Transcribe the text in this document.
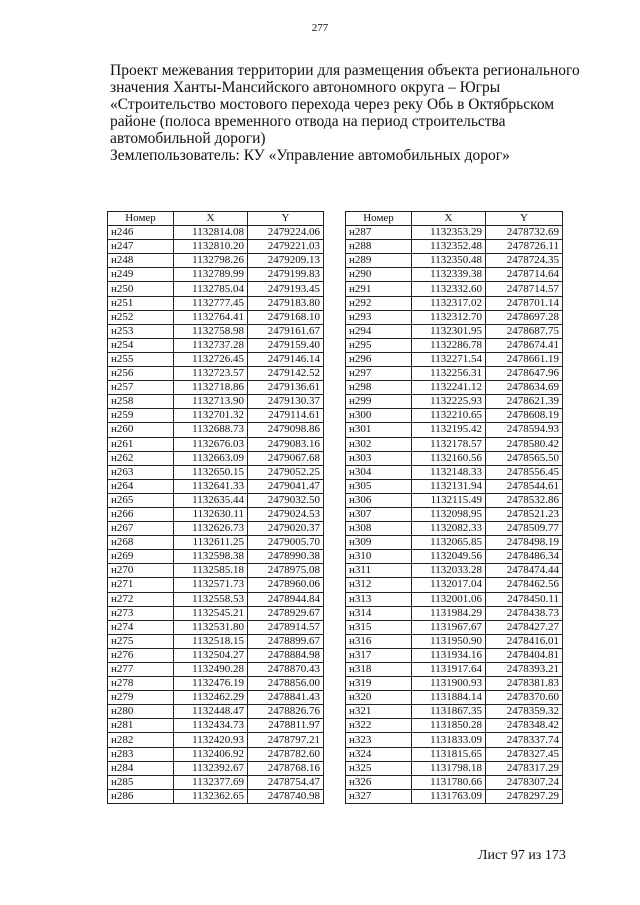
277

Проект межевания территории для размещения объекта регионального
значения Ханты-Мансийского автономного округа – Югры
«Строительство мостового перехода через реку Обь в Октябрьском
районе (полоса временного отвода на период строительства
автомобильной дороги)

Землепользователь: КУ «Управление автомобильных дорог»

Номер	X	Y
н246	1132814.08	2479224.06
н247	1132810.20	2479221.03
н248	1132798.26	2479209.13
н249	1132789.99	2479199.83
н250	1132785.04	2479193.45
н251	1132777.45	2479183.80
н252	1132764.41	2479168.10
н253	1132758.98	2479161.67
н254	1132737.28	2479159.40
н255	1132726.45	2479146.14
н256	1132723.57	2479142.52
н257	1132718.86	2479136.61
н258	1132713.90	2479130.37
н259	1132701.32	2479114.61
н260	1132688.73	2479098.86
н261	1132676.03	2479083.16
н262	1132663.09	2479067.68
н263	1132650.15	2479052.25
н264	1132641.33	2479041.47
н265	1132635.44	2479032.50
н266	1132630.11	2479024.53
н267	1132626.73	2479020.37
н268	1132611.25	2479005.70
н269	1132598.38	2478990.38
н270	1132585.18	2478975.08
н271	1132571.73	2478960.06
н272	1132558.53	2478944.84
н273	1132545.21	2478929.67
н274	1132531.80	2478914.57
н275	1132518.15	2478899.67
н276	1132504.27	2478884.98
н277	1132490.28	2478870.43
н278	1132476.19	2478856.00
н279	1132462.29	2478841.43
н280	1132448.47	2478826.76
н281	1132434.73	2478811.97
н282	1132420.93	2478797.21
н283	1132406.92	2478782.60
н284	1132392.67	2478768.16
н285	1132377.69	2478754.47
н286	1132362.65	2478740.98
Номер	X	Y
н287	1132353.29	2478732.69
н288	1132352.48	2478726.11
н289	1132350.48	2478724.35
н290	1132339.38	2478714.64
н291	1132332.60	2478714.57
н292	1132317.02	2478701.14
н293	1132312.70	2478697.28
н294	1132301.95	2478687.75
н295	1132286.78	2478674.41
н296	1132271.54	2478661.19
н297	1132256.31	2478647.96
н298	1132241.12	2478634.69
н299	1132225.93	2478621.39
н300	1132210.65	2478608.19
н301	1132195.42	2478594.93
н302	1132178.57	2478580.42
н303	1132160.56	2478565.50
н304	1132148.33	2478556.45
н305	1132131.94	2478544.61
н306	1132115.49	2478532.86
н307	1132098.95	2478521.23
н308	1132082.33	2478509.77
н309	1132065.85	2478498.19
н310	1132049.56	2478486.34
н311	1132033.28	2478474.44
н312	1132017.04	2478462.56
н313	1132001.06	2478450.11
н314	1131984.29	2478438.73
н315	1131967.67	2478427.27
н316	1131950.90	2478416.01
н317	1131934.16	2478404.81
н318	1131917.64	2478393.21
н319	1131900.93	2478381.83
н320	1131884.14	2478370.60
н321	1131867.35	2478359.32
н322	1131850.28	2478348.42
н323	1131833.09	2478337.74
н324	1131815.65	2478327.45
н325	1131798.18	2478317.29
н326	1131780.66	2478307.24
н327	1131763.09	2478297.29
Лист 97 из 173
